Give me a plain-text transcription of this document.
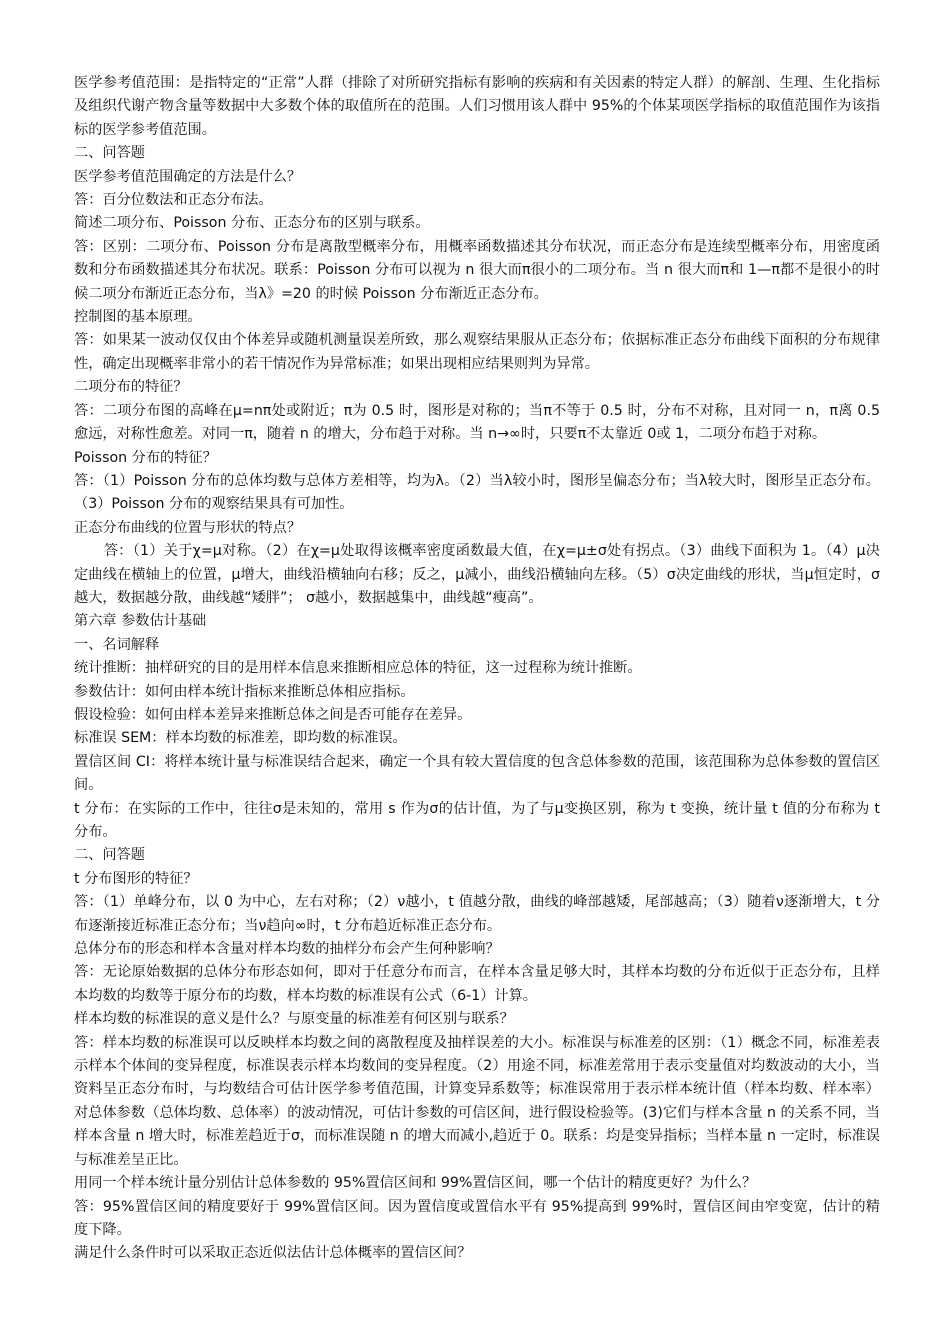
医学参考值范围：是指特定的“正常”人群（排除了对所研究指标有影响的疾病和有关因素的特定人群）的解剖、生理、生化指标及组织代谢产物含量等数据中大多数个体的取值所在的范围。人们习惯用该人群中 95%的个体某项医学指标的取值范围作为该指标的医学参考值范围。

二、问答题

医学参考值范围确定的方法是什么？

答：百分位数法和正态分布法。

简述二项分布、Poisson 分布、正态分布的区别与联系。

答：区别：二项分布、Poisson 分布是离散型概率分布，用概率函数描述其分布状况，而正态分布是连续型概率分布，用密度函数和分布函数描述其分布状况。联系：Poisson 分布可以视为 n 很大而π很小的二项分布。当 n 很大而π和 1—π都不是很小的时候二项分布渐近正态分布，当λ》=20 的时候 Poisson 分布渐近正态分布。

控制图的基本原理。

答：如果某一波动仅仅由个体差异或随机测量误差所致，那么观察结果服从正态分布；依据标准正态分布曲线下面积的分布规律性，确定出现概率非常小的若干情况作为异常标准；如果出现相应结果则判为异常。

二项分布的特征？

答：二项分布图的高峰在μ=nπ处或附近；π为 0.5 时，图形是对称的；当π不等于 0.5 时，分布不对称，且对同一 n，π离 0.5 愈远，对称性愈差。对同一π，随着 n 的增大，分布趋于对称。当 n→∞时，只要π不太靠近 0或 1，二项分布趋于对称。

Poisson 分布的特征？

答：（1）Poisson 分布的总体均数与总体方差相等，均为λ。（2）当λ较小时，图形呈偏态分布；当λ较大时，图形呈正态分布。（3）Poisson 分布的观察结果具有可加性。

正态分布曲线的位置与形状的特点？

答：（1）关于χ=μ对称。（2）在χ=μ处取得该概率密度函数最大值，在χ=μ±σ处有拐点。（3）曲线下面积为 1。（4）μ决定曲线在横轴上的位置，μ增大，曲线沿横轴向右移；反之，μ减小，曲线沿横轴向左移。（5）σ决定曲线的形状，当μ恒定时，σ越大，数据越分散，曲线越“矮胖”； σ越小，数据越集中，曲线越“瘦高”。

第六章 参数估计基础

一、名词解释

统计推断：抽样研究的目的是用样本信息来推断相应总体的特征，这一过程称为统计推断。

参数估计：如何由样本统计指标来推断总体相应指标。

假设检验：如何由样本差异来推断总体之间是否可能存在差异。

标准误 SEM：样本均数的标准差，即均数的标准误。

置信区间 CI：将样本统计量与标准误结合起来，确定一个具有较大置信度的包含总体参数的范围，该范围称为总体参数的置信区间。

t 分布：在实际的工作中，往往σ是未知的，常用 s 作为σ的估计值，为了与μ变换区别，称为 t 变换，统计量 t 值的分布称为 t 分布。

二、问答题

t 分布图形的特征？

答：（1）单峰分布，以 0 为中心，左右对称；（2）ν越小，t 值越分散，曲线的峰部越矮，尾部越高；（3）随着ν逐渐增大，t 分布逐渐接近标准正态分布；当ν趋向∞时，t 分布趋近标准正态分布。

总体分布的形态和样本含量对样本均数的抽样分布会产生何种影响？

答：无论原始数据的总体分布形态如何，即对于任意分布而言，在样本含量足够大时，其样本均数的分布近似于正态分布，且样本均数的均数等于原分布的均数，样本均数的标准误有公式（6-1）计算。

样本均数的标准误的意义是什么？与原变量的标准差有何区别与联系？

答：样本均数的标准误可以反映样本均数之间的离散程度及抽样误差的大小。标准误与标准差的区别：（1）概念不同，标准差表示样本个体间的变异程度，标准误表示样本均数间的变异程度。（2）用途不同，标准差常用于表示变量值对均数波动的大小，当资料呈正态分布时，与均数结合可估计医学参考值范围，计算变异系数等；标准误常用于表示样本统计值（样本均数、样本率）对总体参数（总体均数、总体率）的波动情况，可估计参数的可信区间，进行假设检验等。(3)它们与样本含量 n 的关系不同，当样本含量 n 增大时，标准差趋近于σ，而标准误随 n 的增大而减小,趋近于 0。联系：均是变异指标；当样本量 n 一定时，标准误与标准差呈正比。

用同一个样本统计量分别估计总体参数的 95%置信区间和 99%置信区间，哪一个估计的精度更好？为什么？

答：95%置信区间的精度要好于 99%置信区间。因为置信度或置信水平有 95%提高到 99%时，置信区间由窄变宽，估计的精度下降。

满足什么条件时可以采取正态近似法估计总体概率的置信区间？
